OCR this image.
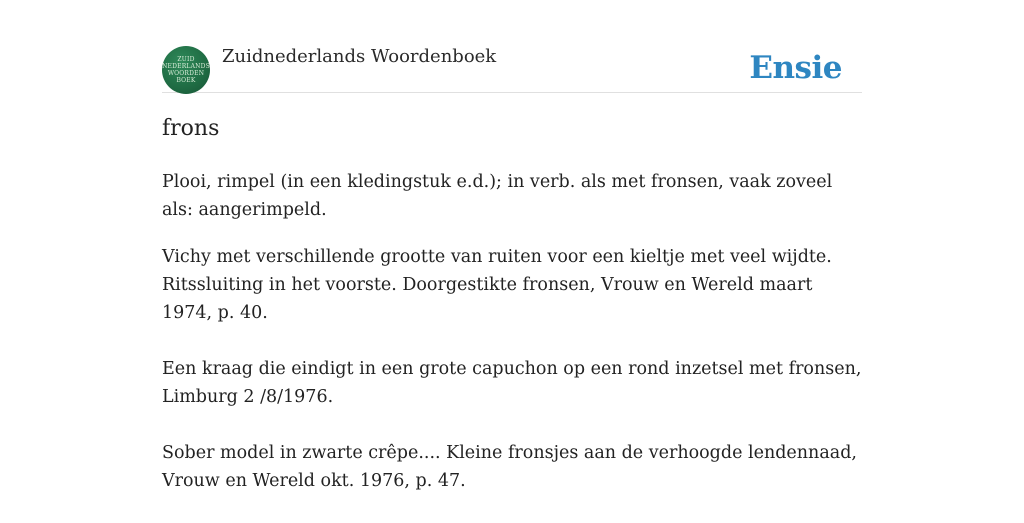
ZUID
NEDERLANDS
WOORDEN
BOEK
Zuidnederlands Woordenboek	Ensie
frons

Plooi, rimpel (in een kledingstuk e.d.); in verb. als met fronsen, vaak zoveel als: aangerimpeld.

Vichy met verschillende grootte van ruiten voor een kieltje met veel wijdte. Ritssluiting in het voorste. Doorgestikte fronsen, Vrouw en Wereld maart 1974, p. 40.

Een kraag die eindigt in een grote capuchon op een rond inzetsel met fronsen, Limburg 2 /8/1976.

Sober model in zwarte crêpe.... Kleine fronsjes aan de verhoogde lendennaad, Vrouw en Wereld okt. 1976, p. 47.
